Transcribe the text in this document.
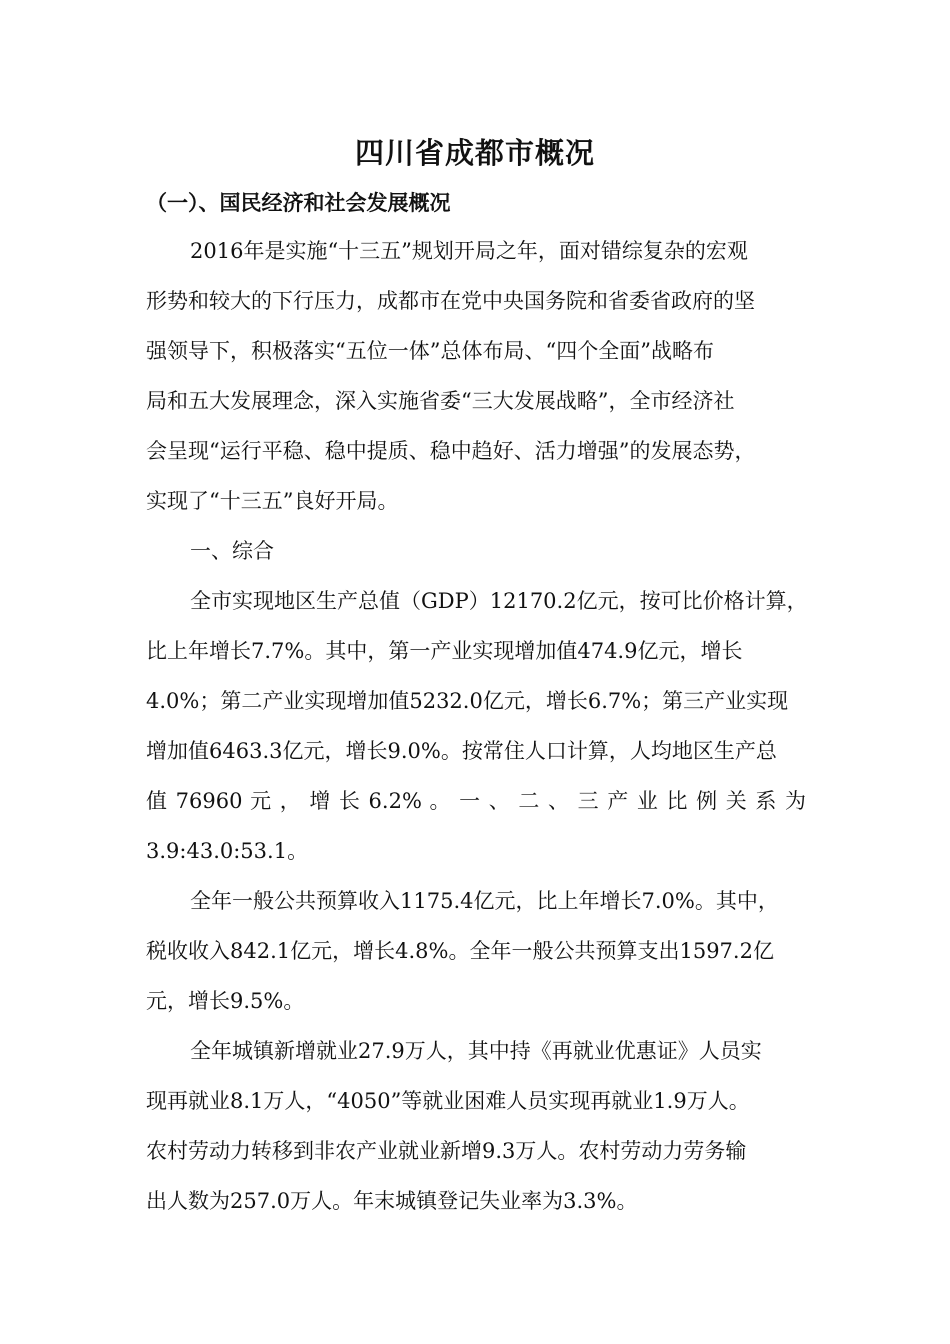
四川省成都市概况
（一）、国民经济和社会发展概况
2016年是实施“十三五”规划开局之年，面对错综复杂的宏观
形势和较大的下行压力，成都市在党中央国务院和省委省政府的坚
强领导下，积极落实“五位一体”总体布局、“四个全面”战略布
局和五大发展理念，深入实施省委“三大发展战略”，全市经济社
会呈现“运行平稳、稳中提质、稳中趋好、活力增强”的发展态势，
实现了“十三五”良好开局。
一、综合
全市实现地区生产总值（GDP）12170.2亿元，按可比价格计算，
比上年增长7.7%。其中，第一产业实现增加值474.9亿元，增长
4.0%；第二产业实现增加值5232.0亿元，增长6.7%；第三产业实现
增加值6463.3亿元，增长9.0%。按常住人口计算，人均地区生产总
值 76960 元 ， 增 长 6.2% 。 一 、 二 、 三 产 业 比 例 关 系 为
3.9:43.0:53.1。
全年一般公共预算收入1175.4亿元，比上年增长7.0%。其中，
税收收入842.1亿元，增长4.8%。全年一般公共预算支出1597.2亿
元，增长9.5%。
全年城镇新增就业27.9万人，其中持《再就业优惠证》人员实
现再就业8.1万人，“4050”等就业困难人员实现再就业1.9万人。
农村劳动力转移到非农产业就业新增9.3万人。农村劳动力劳务输
出人数为257.0万人。年末城镇登记失业率为3.3%。
